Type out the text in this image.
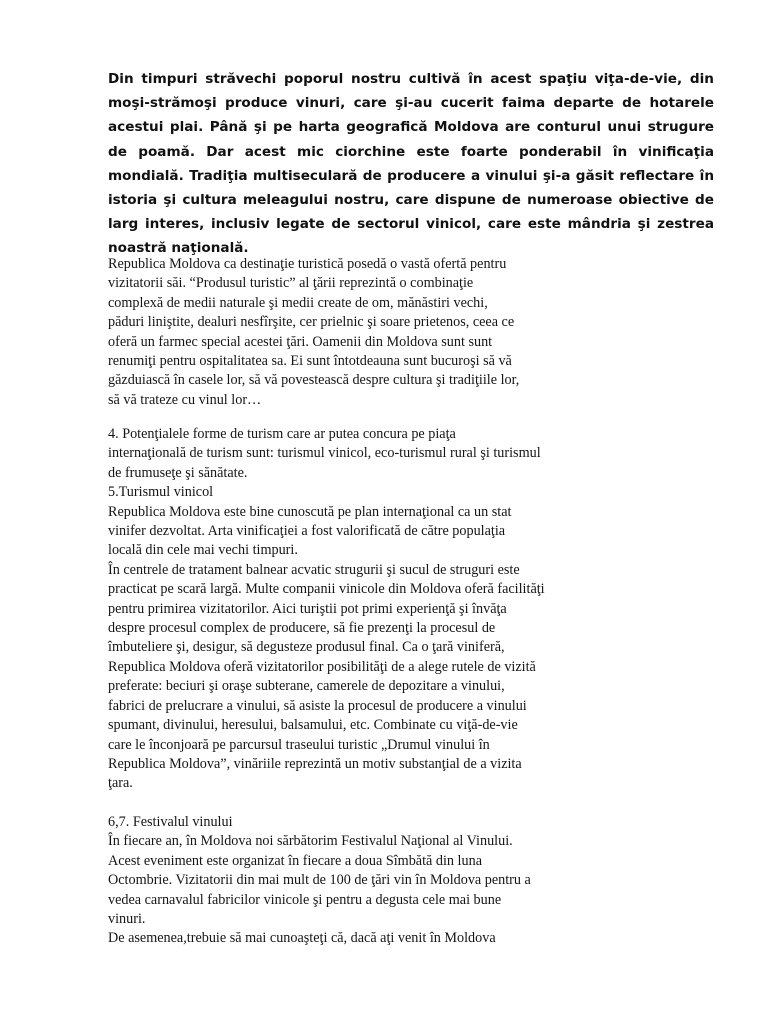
Din timpuri străvechi poporul nostru cultivă în acest spaţiu viţa-de-vie, din moşi-strămoşi produce vinuri, care şi-au cucerit faima departe de hotarele acestui plai. Până şi pe harta geografică Moldova are conturul unui strugure de poamă. Dar acest mic ciorchine este foarte ponderabil în vinificaţia mondială. Tradiţia multiseculară de producere a vinului şi-a găsit reflectare în istoria şi cultura meleagului nostru, care dispune de numeroase obiective de larg interes, inclusiv legate de sectorul vinicol, care este mândria şi zestrea noastră naţională.

Republica Moldova ca destinaţie turistică posedă o vastă ofertă pentru
vizitatorii săi. “Produsul turistic” al ţării reprezintă o combinaţie
complexă de medii naturale şi medii create de om, mănăstiri vechi,
păduri liniştite, dealuri nesfîrşite, cer prielnic şi soare prietenos, ceea ce
oferă un farmec special acestei ţări. Oamenii din Moldova sunt sunt
renumiţi pentru ospitalitatea sa. Ei sunt întotdeauna sunt bucuroşi să vă
găzduiască în casele lor, să vă povestească despre cultura şi tradiţiile lor,
să vă trateze cu vinul lor…

4. Potenţialele forme de turism care ar putea concura pe piaţa
internaţională de turism sunt: turismul vinicol, eco-turismul rural şi turismul
de frumuseţe şi sănătate.
5.Turismul vinicol
Republica Moldova este bine cunoscută pe plan internaţional ca un stat
vinifer dezvoltat. Arta vinificaţiei a fost valorificată de către populaţia
locală din cele mai vechi timpuri.
În centrele de tratament balnear acvatic strugurii şi sucul de struguri este
practicat pe scară largă. Multe companii vinicole din Moldova oferă facilităţi
pentru primirea vizitatorilor. Aici turiştii pot primi experienţă şi învăţa
despre procesul complex de producere, să fie prezenţi la procesul de
îmbuteliere şi, desigur, să degusteze produsul final. Ca o ţară viniferă,
Republica Moldova oferă vizitatorilor posibilităţi de a alege rutele de vizită
preferate: beciuri şi oraşe subterane, camerele de depozitare a vinului,
fabrici de prelucrare a vinului, să asiste la procesul de producere a vinului
spumant, divinului, heresului, balsamului, etc. Combinate cu viţă-de-vie
care le înconjoară pe parcursul traseului turistic „Drumul vinului în
Republica Moldova”, vinăriile reprezintă un motiv substanţial de a vizita
ţara.

6,7. Festivalul vinului
În fiecare an, în Moldova noi sărbătorim Festivalul Naţional al Vinului.
Acest eveniment este organizat în fiecare a doua Sîmbătă din luna
Octombrie. Vizitatorii din mai mult de 100 de ţări vin în Moldova pentru a
vedea carnavalul fabricilor vinicole şi pentru a degusta cele mai bune
vinuri.
De asemenea,trebuie să mai cunoaşteţi că, dacă aţi venit în Moldova
